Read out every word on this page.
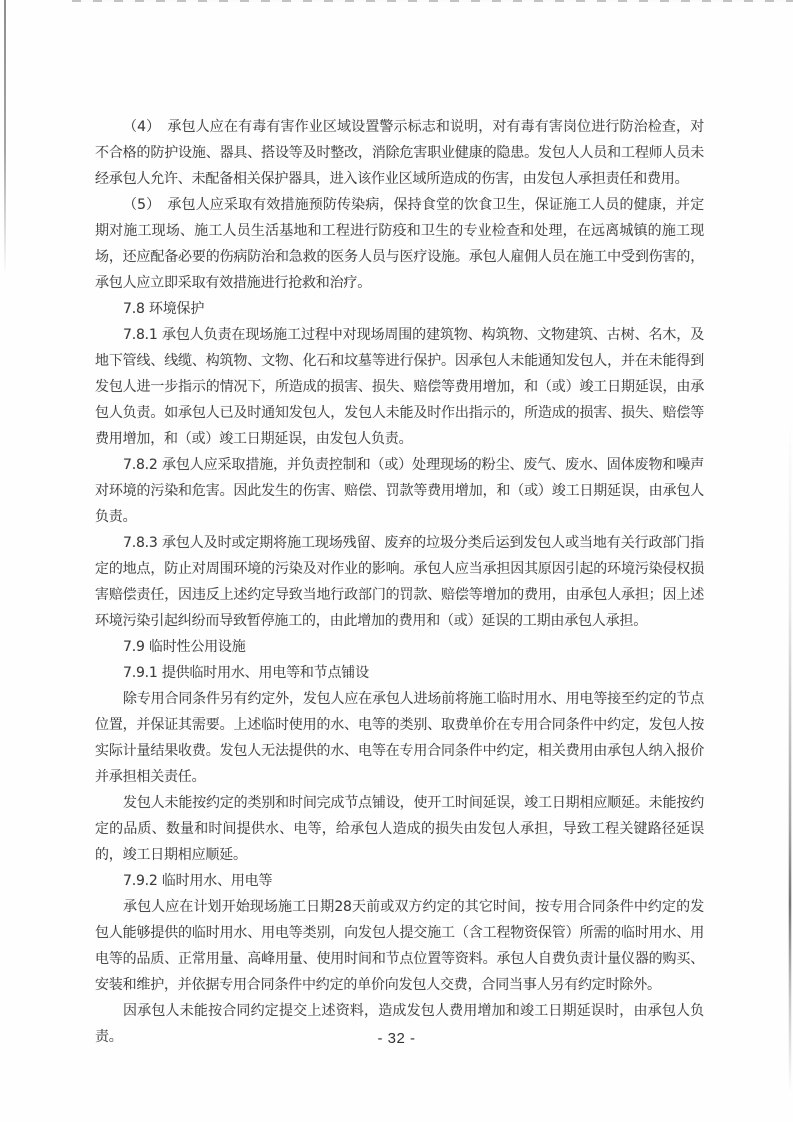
（4）　承包人应在有毒有害作业区域设置警示标志和说明，对有毒有害岗位进行防治检查，对不合格的防护设施、器具、搭设等及时整改，消除危害职业健康的隐患。发包人人员和工程师人员未经承包人允许、未配备相关保护器具，进入该作业区域所造成的伤害，由发包人承担责任和费用。

（5）　承包人应采取有效措施预防传染病，保持食堂的饮食卫生，保证施工人员的健康，并定期对施工现场、施工人员生活基地和工程进行防疫和卫生的专业检查和处理，在远离城镇的施工现场，还应配备必要的伤病防治和急救的医务人员与医疗设施。承包人雇佣人员在施工中受到伤害的，承包人应立即采取有效措施进行抢救和治疗。

7.8 环境保护

7.8.1 承包人负责在现场施工过程中对现场周围的建筑物、构筑物、文物建筑、古树、名木，及地下管线、线缆、构筑物、文物、化石和坟墓等进行保护。因承包人未能通知发包人，并在未能得到发包人进一步指示的情况下，所造成的损害、损失、赔偿等费用增加，和（或）竣工日期延误，由承包人负责。如承包人已及时通知发包人，发包人未能及时作出指示的，所造成的损害、损失、赔偿等费用增加，和（或）竣工日期延误，由发包人负责。

7.8.2 承包人应采取措施，并负责控制和（或）处理现场的粉尘、废气、废水、固体废物和噪声对环境的污染和危害。因此发生的伤害、赔偿、罚款等费用增加，和（或）竣工日期延误，由承包人负责。

7.8.3 承包人及时或定期将施工现场残留、废弃的垃圾分类后运到发包人或当地有关行政部门指定的地点，防止对周围环境的污染及对作业的影响。承包人应当承担因其原因引起的环境污染侵权损害赔偿责任，因违反上述约定导致当地行政部门的罚款、赔偿等增加的费用，由承包人承担；因上述环境污染引起纠纷而导致暂停施工的，由此增加的费用和（或）延误的工期由承包人承担。

7.9 临时性公用设施

7.9.1 提供临时用水、用电等和节点铺设

除专用合同条件另有约定外，发包人应在承包人进场前将施工临时用水、用电等接至约定的节点位置，并保证其需要。上述临时使用的水、电等的类别、取费单价在专用合同条件中约定，发包人按实际计量结果收费。发包人无法提供的水、电等在专用合同条件中约定，相关费用由承包人纳入报价并承担相关责任。

发包人未能按约定的类别和时间完成节点铺设，使开工时间延误，竣工日期相应顺延。未能按约定的品质、数量和时间提供水、电等，给承包人造成的损失由发包人承担，导致工程关键路径延误的，竣工日期相应顺延。

7.9.2 临时用水、用电等

承包人应在计划开始现场施工日期28天前或双方约定的其它时间，按专用合同条件中约定的发包人能够提供的临时用水、用电等类别，向发包人提交施工（含工程物资保管）所需的临时用水、用电等的品质、正常用量、高峰用量、使用时间和节点位置等资料。承包人自费负责计量仪器的购买、安装和维护，并依据专用合同条件中约定的单价向发包人交费，合同当事人另有约定时除外。

因承包人未能按合同约定提交上述资料，造成发包人费用增加和竣工日期延误时，由承包人负责。	- 32 -
